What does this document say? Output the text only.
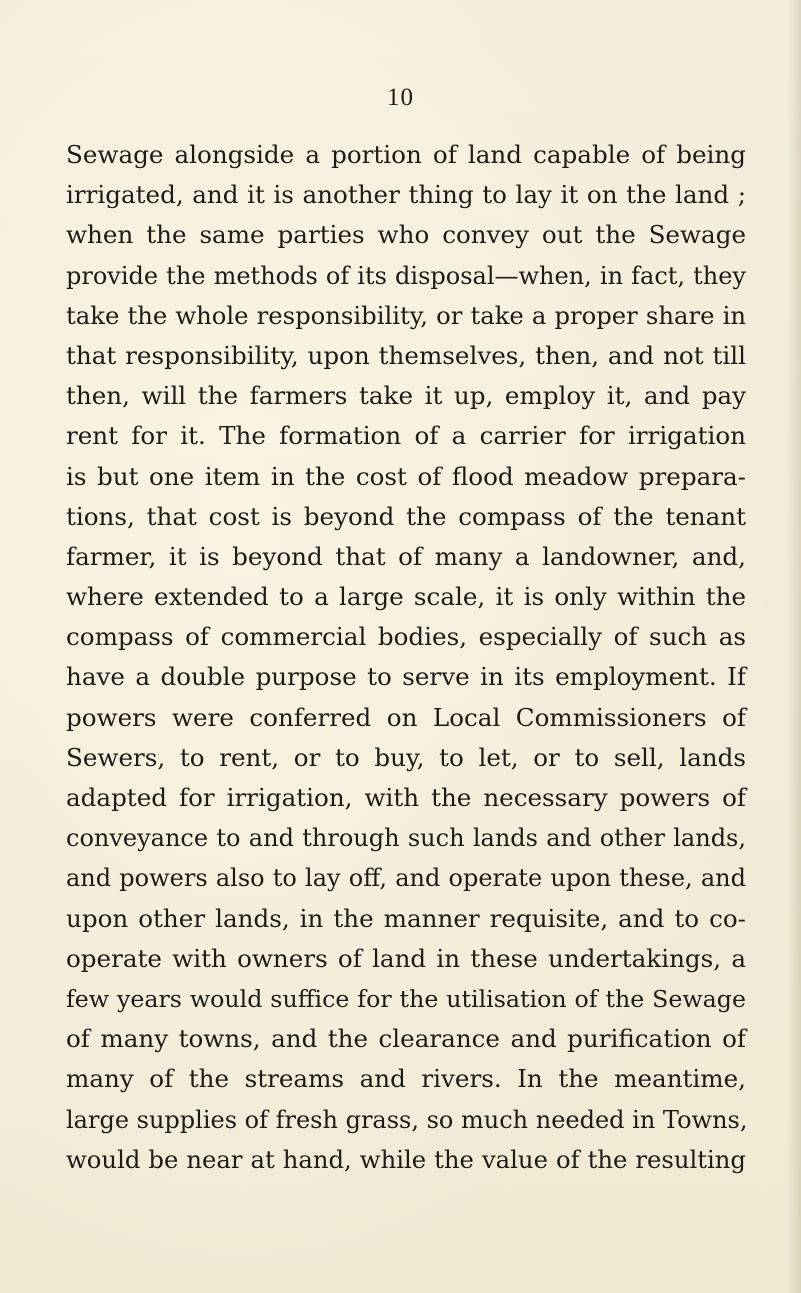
10
Sewage alongside a portion of land capable of being
irrigated, and it is another thing to lay it on the land ;
when the same parties who convey out the Sewage
provide the methods of its disposal—when, in fact, they
take the whole responsibility, or take a proper share in
that responsibility, upon themselves, then, and not till
then, will the farmers take it up, employ it, and pay
rent for it. The formation of a carrier for irrigation
is but one item in the cost of flood meadow prepara-
tions, that cost is beyond the compass of the tenant
farmer, it is beyond that of many a landowner, and,
where extended to a large scale, it is only within the
compass of commercial bodies, especially of such as
have a double purpose to serve in its employment. If
powers were conferred on Local Commissioners of
Sewers, to rent, or to buy, to let, or to sell, lands
adapted for irrigation, with the necessary powers of
conveyance to and through such lands and other lands,
and powers also to lay off, and operate upon these, and
upon other lands, in the manner requisite, and to co-
operate with owners of land in these undertakings, a
few years would suffice for the utilisation of the Sewage
of many towns, and the clearance and purification of
many of the streams and rivers. In the meantime,
large supplies of fresh grass, so much needed in Towns,
would be near at hand, while the value of the resulting
